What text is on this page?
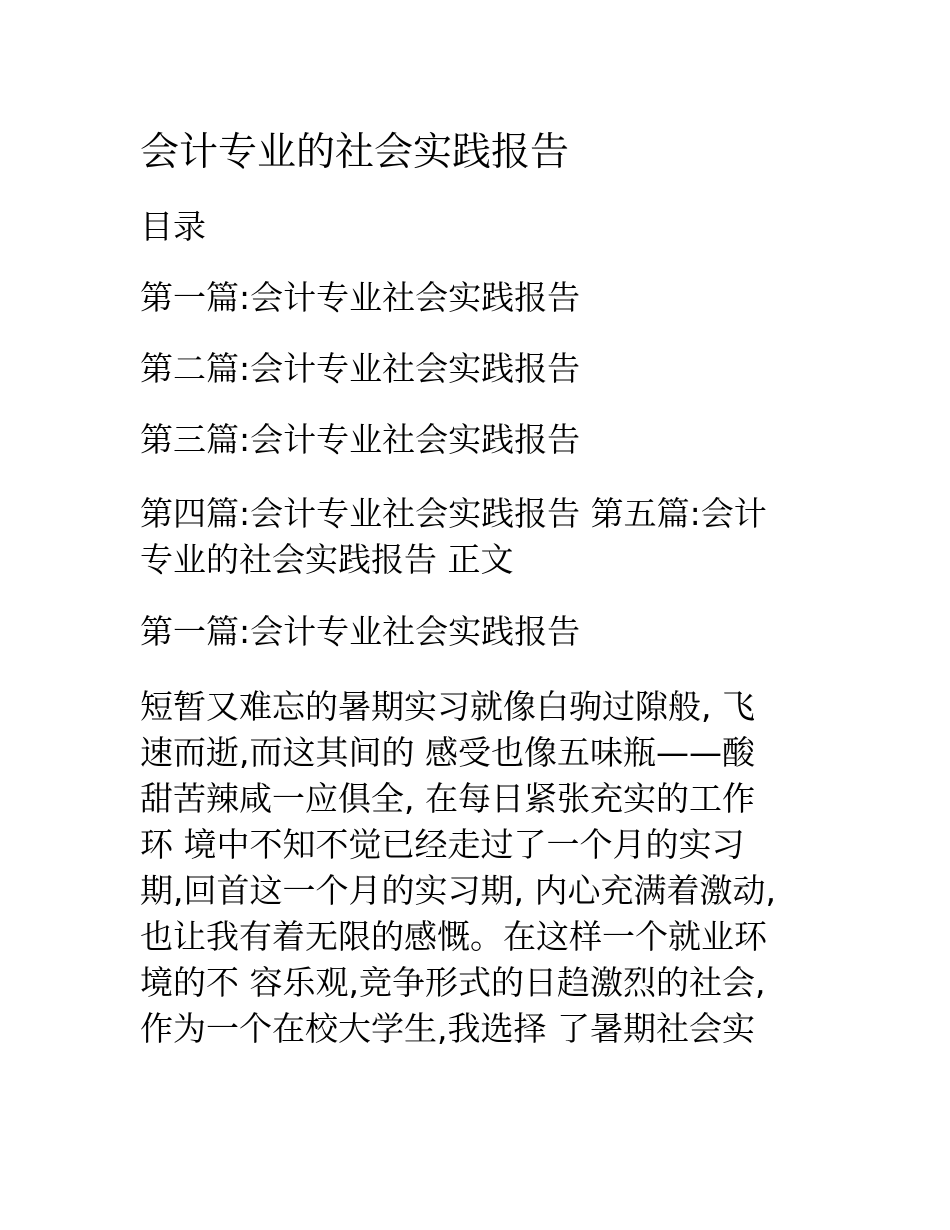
会计专业的社会实践报告
目录
第一篇:会计专业社会实践报告
第二篇:会计专业社会实践报告
第三篇:会计专业社会实践报告
第四篇:会计专业社会实践报告 第五篇:会计
专业的社会实践报告 正文
第一篇:会计专业社会实践报告
短暂又难忘的暑期实习就像白驹过隙般, 飞
速而逝,而这其间的 感受也像五味瓶——酸
甜苦辣咸一应俱全, 在每日紧张充实的工作
环 境中不知不觉已经走过了一个月的实习
期,回首这一个月的实习期, 内心充满着激动,
也让我有着无限的感慨。在这样一个就业环
境的不 容乐观,竞争形式的日趋激烈的社会,
作为一个在校大学生,我选择 了暑期社会实
